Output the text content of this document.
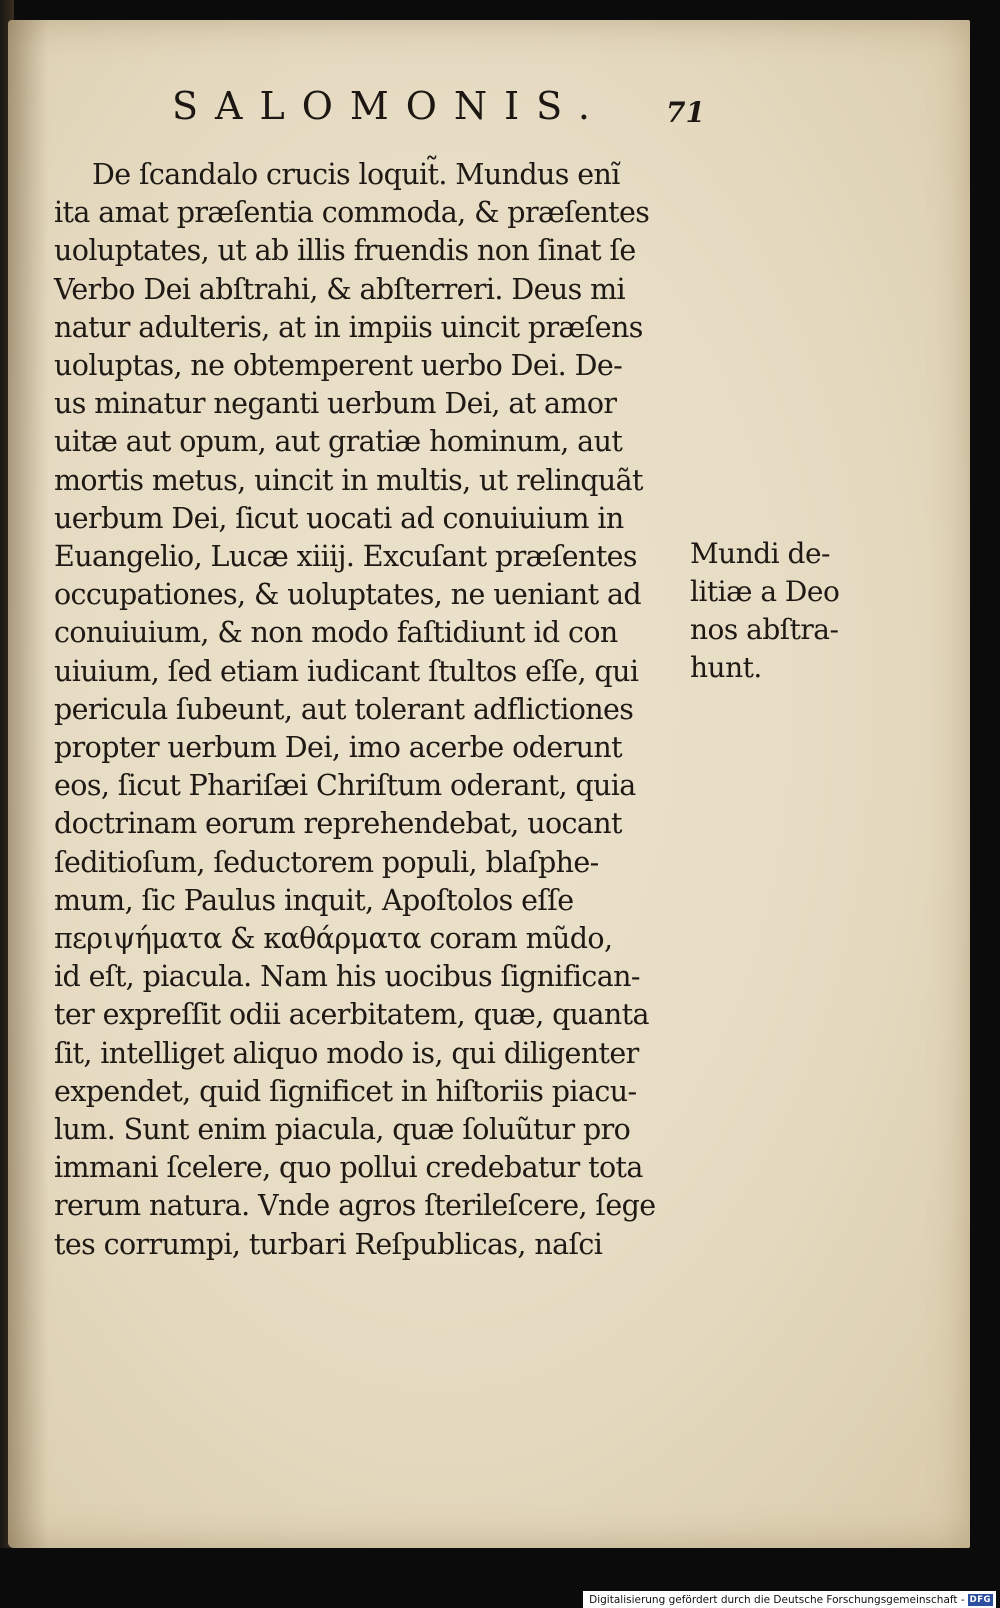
SALOMONIS. 71
De ſcandalo crucis loquit̃. Mundus enĩ
ita amat præſentia commoda, & præſentes
uoluptates, ut ab illis fruendis non ſinat ſe
Verbo Dei abſtrahi, & abſterreri. Deus mi
natur adulteris, at in impiis uincit præſens
uoluptas, ne obtemperent uerbo Dei. De-
us minatur neganti uerbum Dei, at amor
uitæ aut opum, aut gratiæ hominum, aut
mortis metus, uincit in multis, ut relinquãt
uerbum Dei, ſicut uocati ad conuiuium in
Euangelio, Lucæ xiiij. Excuſant præſentes
occupationes, & uoluptates, ne ueniant ad
conuiuium, & non modo faſtidiunt id con
uiuium, ſed etiam iudicant ſtultos eſſe, qui
pericula ſubeunt, aut tolerant adflictiones
propter uerbum Dei, imo acerbe oderunt
eos, ſicut Phariſæi Chriſtum oderant, quia
doctrinam eorum reprehendebat, uocant
ſeditioſum, ſeductorem populi, blaſphe-
mum, ſic Paulus inquit, Apoſtolos eſſe
περιψήματα & καθάρματα coram mũdo,
id eſt, piacula. Nam his uocibus ſignifican-
ter expreſſit odii acerbitatem, quæ, quanta
ſit, intelliget aliquo modo is, qui diligenter
expendet, quid ſignificet in hiſtoriis piacu-
lum. Sunt enim piacula, quæ ſoluũtur pro
immani ſcelere, quo pollui credebatur tota
rerum natura. Vnde agros ſterileſcere, ſege
tes corrumpi, turbari Reſpublicas, naſci
Mundi de-
litiæ a Deo
nos abſtra-
hunt.
Digitalisierung gefördert durch die Deutsche Forschungsgemeinschaft - DFG
